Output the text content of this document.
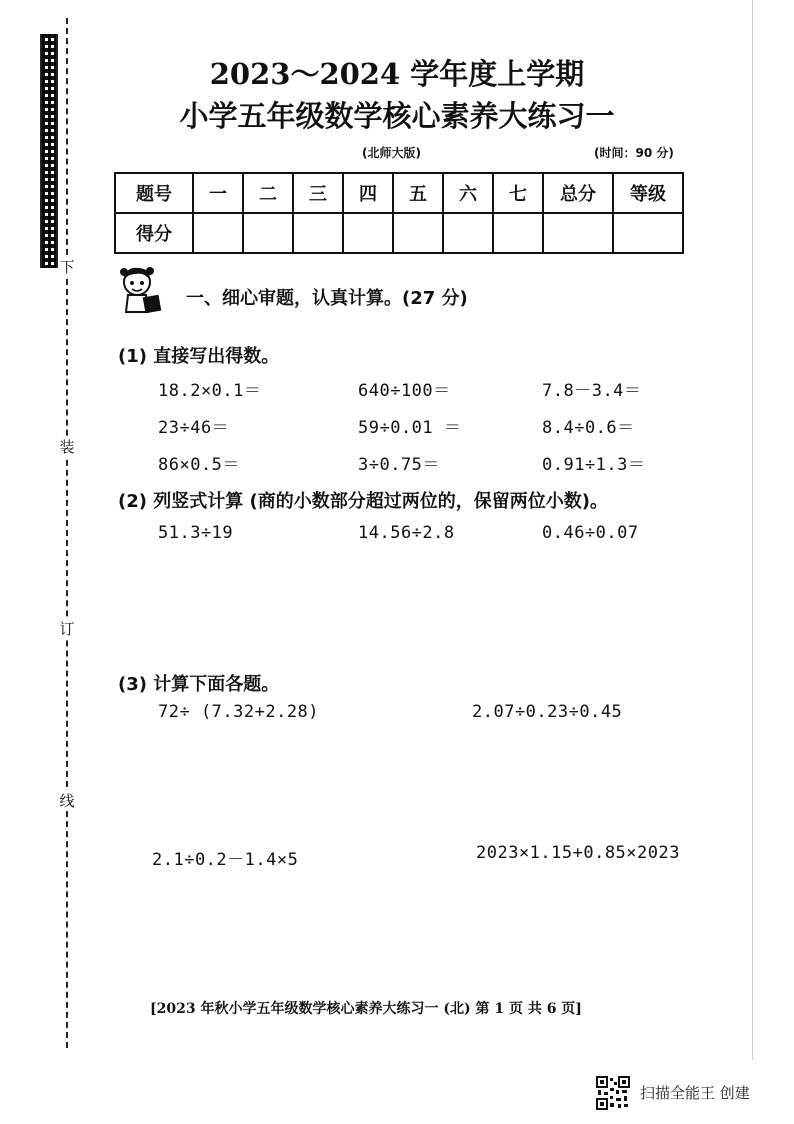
下
装
订
线
2023～2024 学年度上学期
小学五年级数学核心素养大练习一
(北师大版)	(时间：90 分)
题号	一	二	三	四	五	六	七	总分	等级
得分									
一、细心审题，认真计算。(27 分)
(1) 直接写出得数。
18.2×0.1＝	640÷100＝	7.8－3.4＝
23÷46＝	59÷0.01 ＝	8.4÷0.6＝
86×0.5＝	3÷0.75＝	0.91÷1.3＝
(2) 列竖式计算 (商的小数部分超过两位的，保留两位小数)。
51.3÷19	14.56÷2.8	0.46÷0.07
(3) 计算下面各题。
72÷ (7.32+2.28)	2.07÷0.23÷0.45
2.1÷0.2－1.4×5	2023×1.15+0.85×2023
[2023 年秋小学五年级数学核心素养大练习一 (北) 第 1 页 共 6 页]
扫描全能王 创建
